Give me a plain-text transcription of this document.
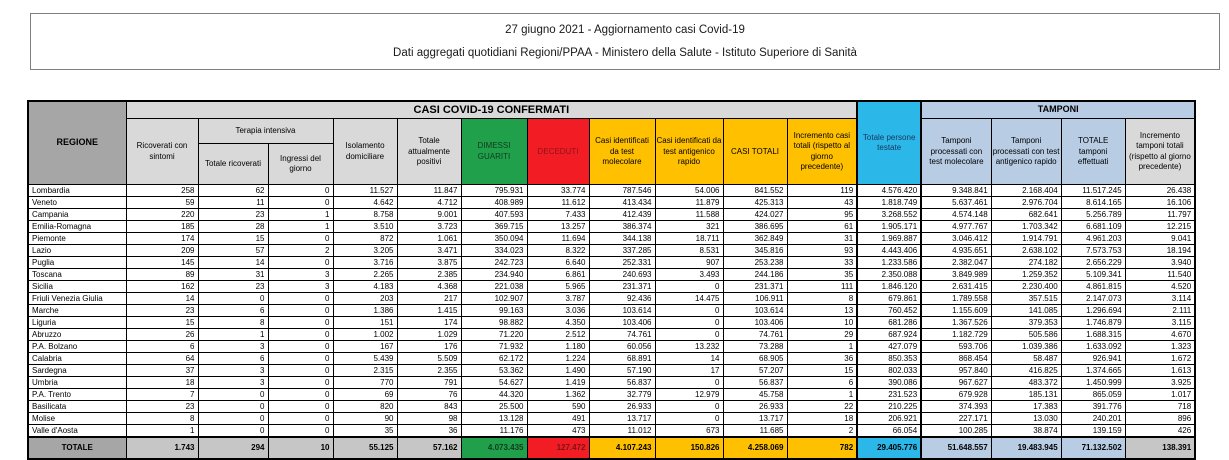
27 giugno 2021 - Aggiornamento casi Covid-19
Dati aggregati quotidiani Regioni/PPAA - Ministero della Salute - Istituto Superiore di Sanità
REGIONE	CASI COVID-19 CONFERMATI											Totale persone testate	TAMPONI			
	Ricoverati con sintomi	Terapia intensiva		Isolamento domiciliare	Totale attualmente positivi	DIMESSI GUARITI	DECEDUTI	Casi identificati da test molecolare	Casi identificati da test antigenico rapido	CASI TOTALI	Incremento casi totali (rispetto al giorno precedente)		Tamponi processati con test molecolare	Tamponi processati con test antigenico rapido	TOTALE tamponi effettuati	Incremento tamponi totali (rispetto al giorno precedente)
		Totale ricoverati	Ingressi del giorno													
Lombardia	258	62	0	11.527	11.847	795.931	33.774	787.546	54.006	841.552	119	4.576.420	9.348.841	2.168.404	11.517.245	26.438
Veneto	59	11	0	4.642	4.712	408.989	11.612	413.434	11.879	425.313	43	1.818.749	5.637.461	2.976.704	8.614.165	16.106
Campania	220	23	1	8.758	9.001	407.593	7.433	412.439	11.588	424.027	95	3.268.552	4.574.148	682.641	5.256.789	11.797
Emilia-Romagna	185	28	1	3.510	3.723	369.715	13.257	386.374	321	386.695	61	1.905.171	4.977.767	1.703.342	6.681.109	12.215
Piemonte	174	15	0	872	1.061	350.094	11.694	344.138	18.711	362.849	31	1.969.887	3.046.412	1.914.791	4.961.203	9.041
Lazio	209	57	2	3.205	3.471	334.023	8.322	337.285	8.531	345.816	93	4.443.406	4.935.651	2.638.102	7.573.753	18.194
Puglia	145	14	0	3.716	3.875	242.723	6.640	252.331	907	253.238	33	1.233.586	2.382.047	274.182	2.656.229	3.940
Toscana	89	31	3	2.265	2.385	234.940	6.861	240.693	3.493	244.186	35	2.350.088	3.849.989	1.259.352	5.109.341	11.540
Sicilia	162	23	3	4.183	4.368	221.038	5.965	231.371	0	231.371	111	1.846.120	2.631.415	2.230.400	4.861.815	4.520
Friuli Venezia Giulia	14	0	0	203	217	102.907	3.787	92.436	14.475	106.911	8	679.861	1.789.558	357.515	2.147.073	3.114
Marche	23	6	0	1.386	1.415	99.163	3.036	103.614	0	103.614	13	760.452	1.155.609	141.085	1.296.694	2.111
Liguria	15	8	0	151	174	98.882	4.350	103.406	0	103.406	10	681.286	1.367.526	379.353	1.746.879	3.115
Abruzzo	26	1	0	1.002	1.029	71.220	2.512	74.761	0	74.761	29	687.924	1.182.729	505.586	1.688.315	4.670
P.A. Bolzano	6	3	0	167	176	71.932	1.180	60.056	13.232	73.288	1	427.079	593.706	1.039.386	1.633.092	1.323
Calabria	64	6	0	5.439	5.509	62.172	1.224	68.891	14	68.905	36	850.353	868.454	58.487	926.941	1.672
Sardegna	37	3	0	2.315	2.355	53.362	1.490	57.190	17	57.207	15	802.033	957.840	416.825	1.374.665	1.613
Umbria	18	3	0	770	791	54.627	1.419	56.837	0	56.837	6	390.086	967.627	483.372	1.450.999	3.925
P.A. Trento	7	0	0	69	76	44.320	1.362	32.779	12.979	45.758	1	231.523	679.928	185.131	865.059	1.017
Basilicata	23	0	0	820	843	25.500	590	26.933	0	26.933	22	210.225	374.393	17.383	391.776	718
Molise	8	0	0	90	98	13.128	491	13.717	0	13.717	18	206.921	227.171	13.030	240.201	896
Valle d'Aosta	1	0	0	35	36	11.176	473	11.012	673	11.685	2	66.054	100.285	38.874	139.159	426
TOTALE	1.743	294	10	55.125	57.162	4.073.435	127.472	4.107.243	150.826	4.258.069	782	29.405.776	51.648.557	19.483.945	71.132.502	138.391
